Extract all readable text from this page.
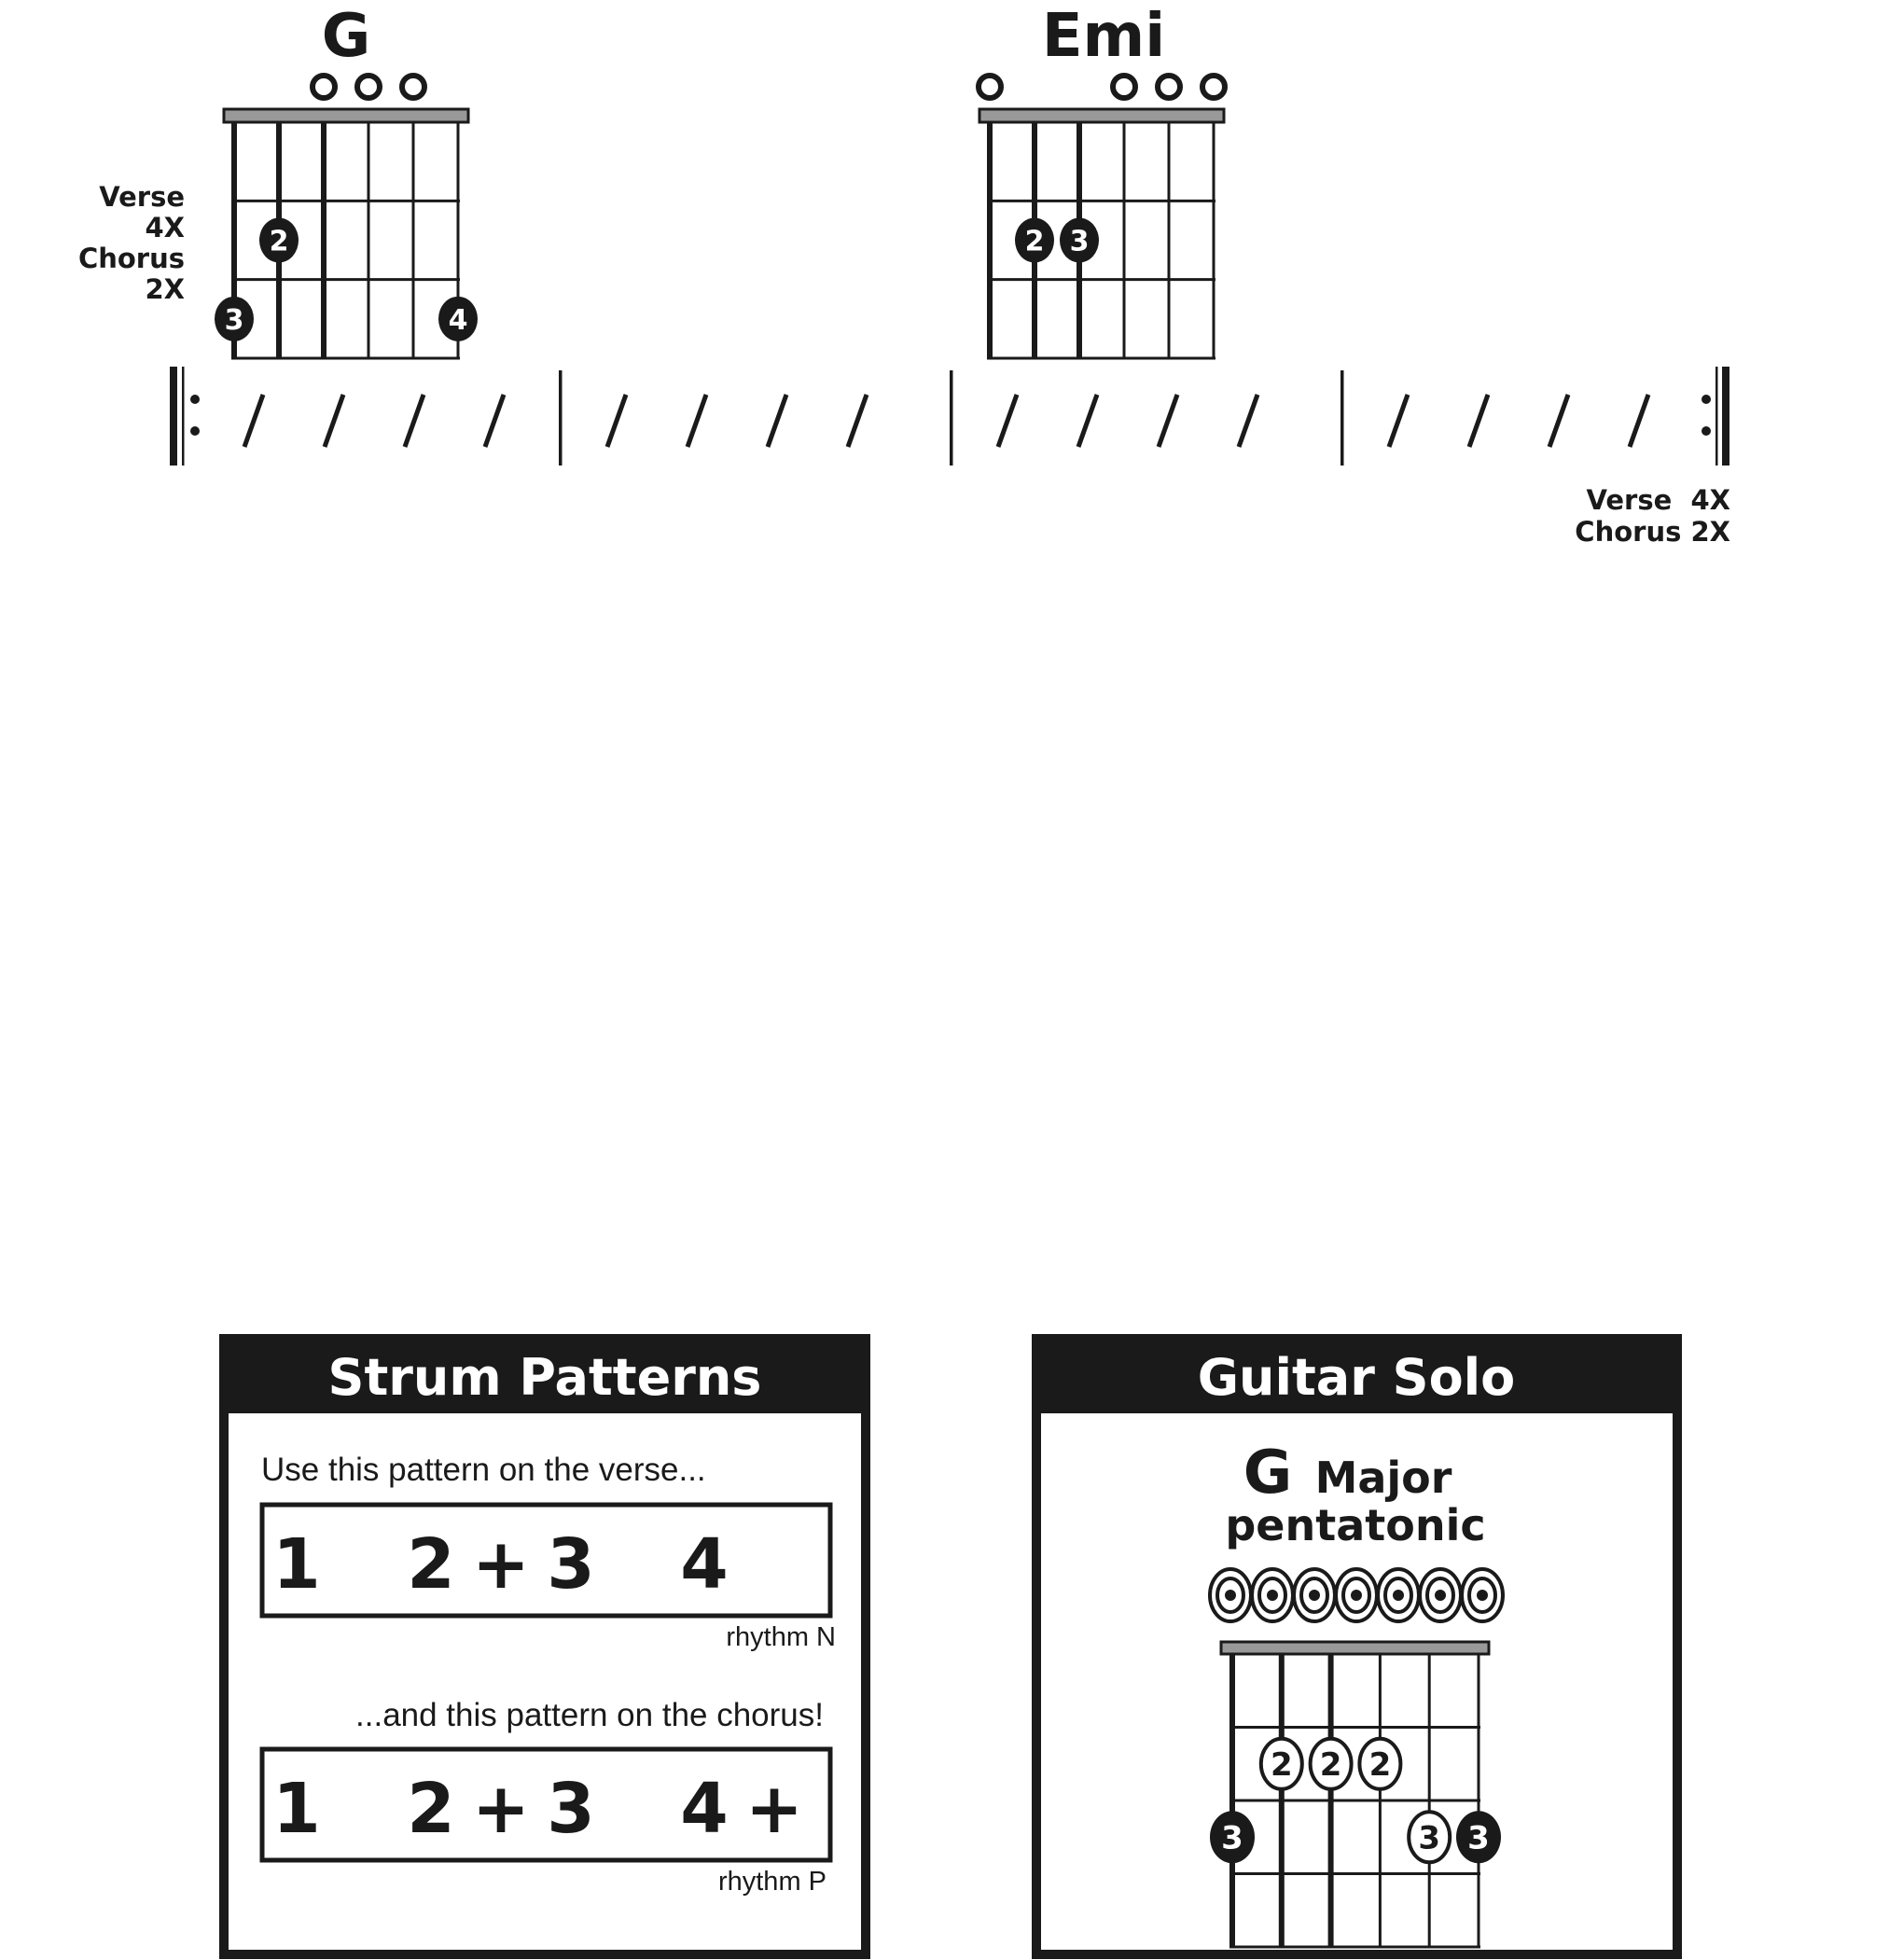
G
2
3	4
Emi
2 3
Verse
4X
Chorus
2X
Verse  4X
Chorus 2X
Strum Patterns
Use this pattern on the verse...
1 2 + 3 4
rhythm N
...and this pattern on the chorus!
1 2 + 3 4 +
rhythm P
Guitar Solo
G Major
pentatonic
3
2 2 2
3 3
